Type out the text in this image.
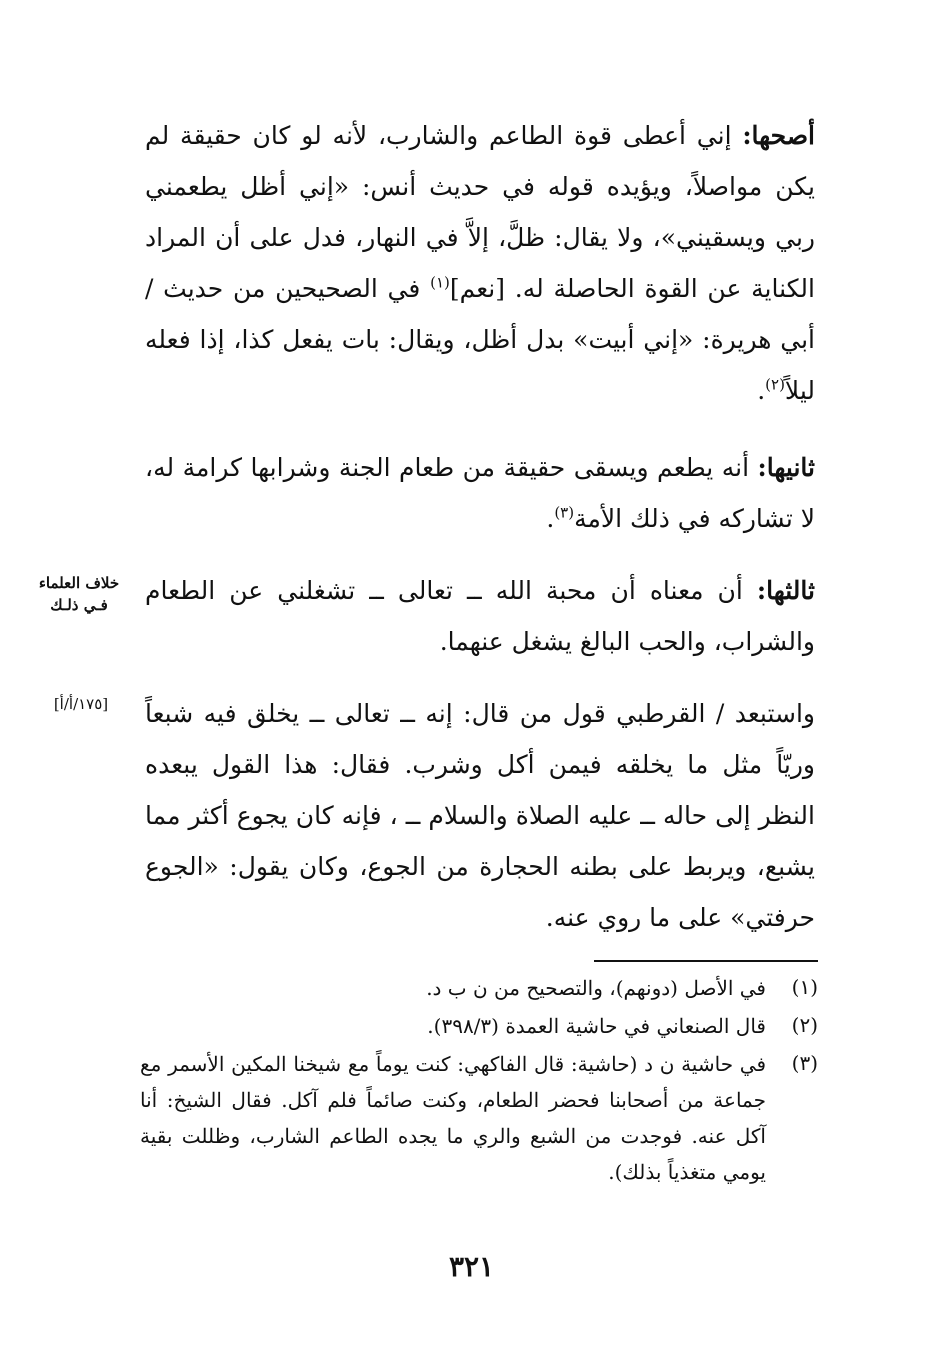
أصحها: إني أعطى قوة الطاعم والشارب، لأنه لو كان حقيقة لم يكن مواصلاً، ويؤيده قوله في حديث أنس: «إني أظل يطعمني ربي ويسقيني»، ولا يقال: ظلَّ، إلاَّ في النهار، فدل على أن المراد الكناية عن القوة الحاصلة له. [نعم]$^{(١)}$ في الصحيحين من حديث / أبي هريرة: «إني أبيت» بدل أظل، ويقال: بات يفعل كذا، إذا فعله ليلاً$^{(٢)}$.

ثانيها: أنه يطعم ويسقى حقيقة من طعام الجنة وشرابها كرامة له، لا تشاركه في ذلك الأمة$^{(٣)}$.

ثالثها: أن معناه أن محبة الله ــ تعالى ــ تشغلني عن الطعام والشراب، والحب البالغ يشغل عنهما.

واستبعد / القرطبي قول من قال: إنه ــ تعالى ــ يخلق فيه شبعاً وريّاً مثل ما يخلقه فيمن أكل وشرب. فقال: هذا القول يبعده النظر إلى حاله ــ عليه الصلاة والسلام ــ ، فإنه كان يجوع أكثر مما يشبع، ويربط على بطنه الحجارة من الجوع، وكان يقول: «الجوع حرفتي» على ما روي عنه.

خلاف العلماء
فـي ذلـك
[١٧٥/أ/أ]
(١)
في الأصل (دونهم)، والتصحيح من ن ب د.
(٢)
قال الصنعاني في حاشية العمدة (٣٩٨/٣).
(٣)
في حاشية ن د (حاشية: قال الفاكهي: كنت يوماً مع شيخنا المكين الأسمر مع جماعة من أصحابنا فحضر الطعام، وكنت صائماً فلم آكل. فقال الشيخ: أنا آكل عنه. فوجدت من الشبع والري ما يجده الطاعم الشارب، وظللت بقية يومي متغذياً بذلك).
٣٢١
